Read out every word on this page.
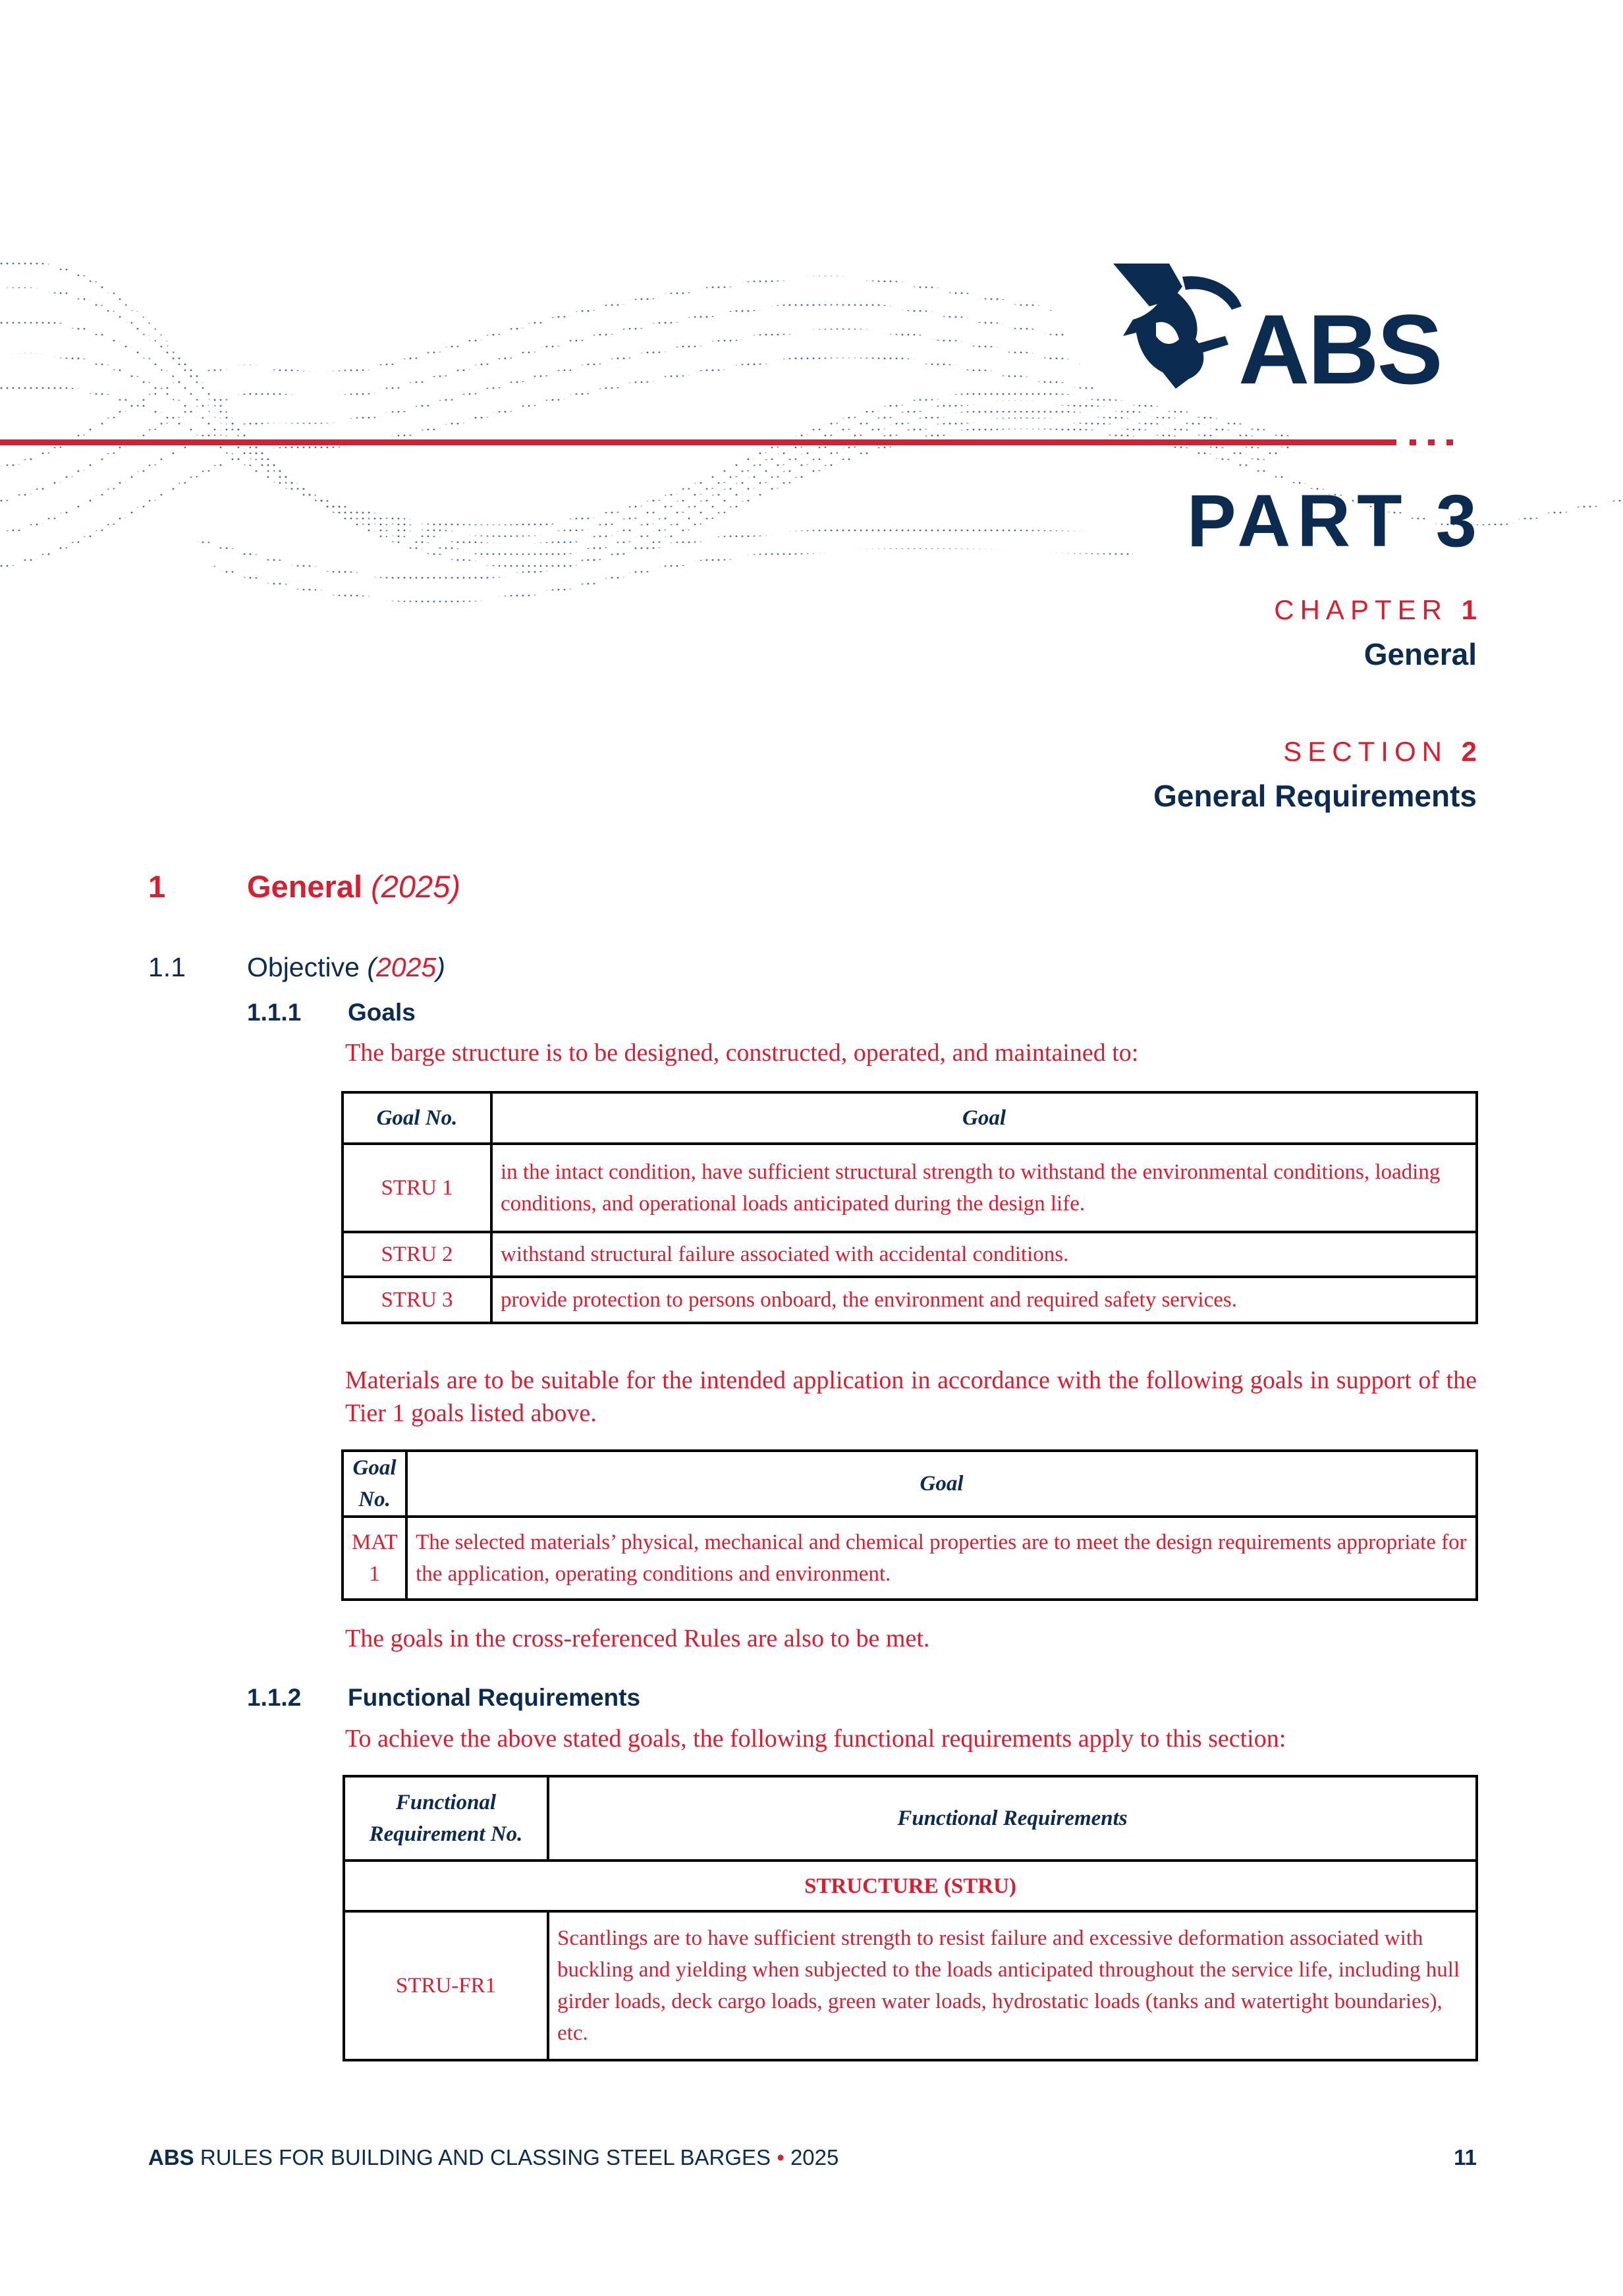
ABS
PART 3
CHAPTER 1
General
SECTION 2
General Requirements
1	General (2025)
1.1 Objective (2025)
1.1.1 Goals
The barge structure is to be designed, constructed, operated, and maintained to:
Goal No.	Goal
STRU 1	in the intact condition, have sufficient structural strength to withstand the environmental conditions, loading conditions, and operational loads anticipated during the design life.
STRU 2	withstand structural failure associated with accidental conditions.
STRU 3	provide protection to persons onboard, the environment and required safety services.
Materials are to be suitable for the intended application in accordance with the following goals in support of the Tier 1 goals listed above.
Goal No.	Goal
MAT 1	The selected materials’ physical, mechanical and chemical properties are to meet the design requirements appropriate for the application, operating conditions and environment.
The goals in the cross-referenced Rules are also to be met.
1.1.2 Functional Requirements
To achieve the above stated goals, the following functional requirements apply to this section:
Functional Requirement No.	Functional Requirements
STRUCTURE (STRU)	
STRU-FR1	Scantlings are to have sufficient strength to resist failure and excessive deformation associated with buckling and yielding when subjected to the loads anticipated throughout the service life, including hull girder loads, deck cargo loads, green water loads, hydrostatic loads (tanks and watertight boundaries), etc.
ABS RULES FOR BUILDING AND CLASSING STEEL BARGES • 2025	11
